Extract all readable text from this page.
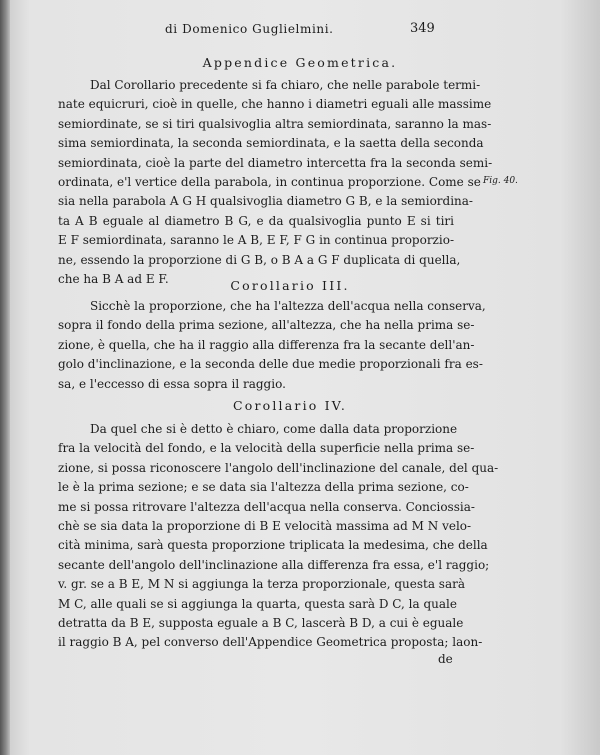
di Domenico Guglielmini.	349
Appendice Geometrica.
Dal Corollario precedente si fa chiaro, che nelle parabole termi-
nate equicruri, cioè in quelle, che hanno i diametri eguali alle massime
semiordinate, se si tiri qualsivoglia altra semiordinata, saranno la mas-
sima semiordinata, la seconda semiordinata, e la saetta della seconda
semiordinata, cioè la parte del diametro intercetta fra la seconda semi-
ordinata, e'l vertice della parabola, in continua proporzione. Come se
sia nella parabola A G H qualsivoglia diametro G B, e la semiordina-
ta A B eguale al diametro B G, e da qualsivoglia punto E si tiri
E F semiordinata, saranno le A B, E F, F G in continua proporzio-
ne, essendo la proporzione di G B, o B A a G F duplicata di quella,
che ha B A ad E F.
Fig. 40.
Corollario III.
Sicchè la proporzione, che ha l'altezza dell'acqua nella conserva,
sopra il fondo della prima sezione, all'altezza, che ha nella prima se-
zione, è quella, che ha il raggio alla differenza fra la secante dell'an-
golo d'inclinazione, e la seconda delle due medie proporzionali fra es-
sa, e l'eccesso di essa sopra il raggio.
Corollario IV.
Da quel che si è detto è chiaro, come dalla data proporzione
fra la velocità del fondo, e la velocità della superficie nella prima se-
zione, si possa riconoscere l'angolo dell'inclinazione del canale, del qua-
le è la prima sezione; e se data sia l'altezza della prima sezione, co-
me si possa ritrovare l'altezza dell'acqua nella conserva. Conciossia-
chè se sia data la proporzione di B E velocità massima ad M N velo-
cità minima, sarà questa proporzione triplicata la medesima, che della
secante dell'angolo dell'inclinazione alla differenza fra essa, e'l raggio;
v. gr. se a B E, M N si aggiunga la terza proporzionale, questa sarà
M C, alle quali se si aggiunga la quarta, questa sarà D C, la quale
detratta da B E, supposta eguale a B C, lascerà B D, a cui è eguale
il raggio B A, pel converso dell'Appendice Geometrica proposta; laon-
de
